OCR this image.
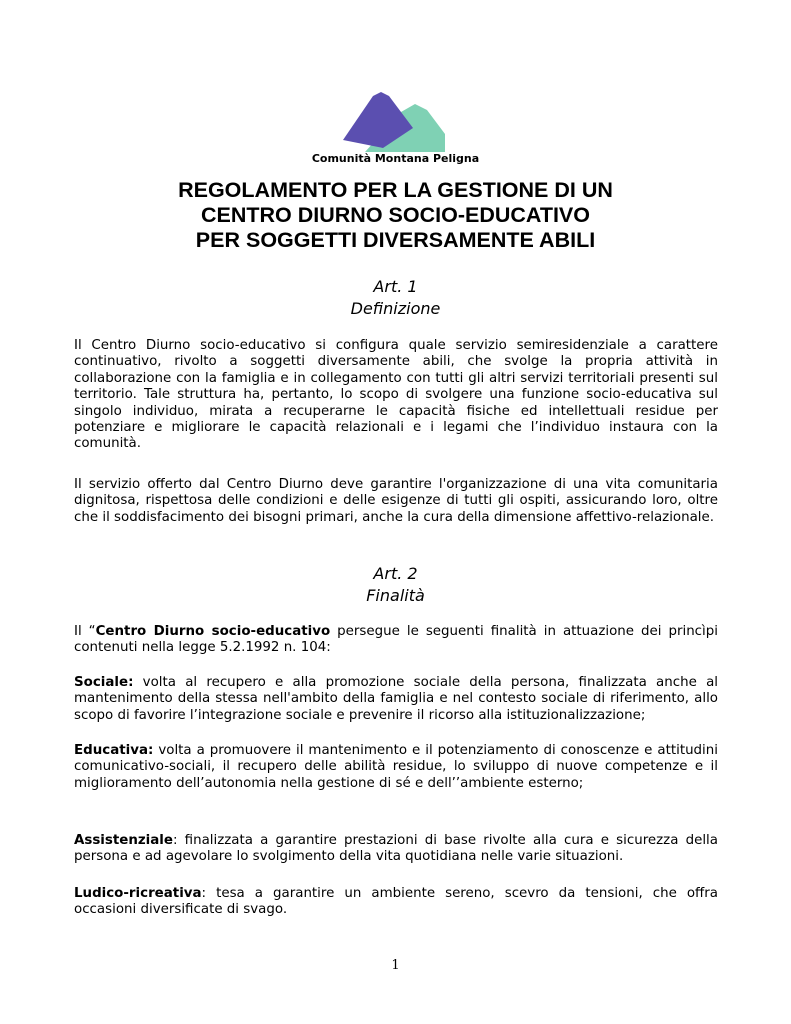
Comunità Montana Peligna
REGOLAMENTO PER LA GESTIONE DI UN
CENTRO DIURNO SOCIO-EDUCATIVO
PER SOGGETTI DIVERSAMENTE ABILI
Art. 1
Definizione

Il Centro Diurno socio-educativo si configura quale servizio semiresidenziale a carattere continuativo, rivolto a soggetti diversamente abili, che svolge la propria attività in collaborazione con la famiglia e in collegamento con tutti gli altri servizi territoriali presenti sul territorio. Tale struttura ha, pertanto, lo scopo di svolgere una funzione socio-educativa sul singolo individuo, mirata a recuperarne le capacità fisiche ed intellettuali residue per potenziare e migliorare le capacità relazionali e i legami che l’individuo instaura con la comunità.

Il servizio offerto dal Centro Diurno deve garantire l'organizzazione di una vita comunitaria dignitosa, rispettosa delle condizioni e delle esigenze di tutti gli ospiti, assicurando loro, oltre che il soddisfacimento dei bisogni primari, anche la cura della dimensione affettivo-relazionale.

Art. 2
Finalità

Il “Centro Diurno socio-educativo persegue le seguenti finalità in attuazione dei princìpi contenuti nella legge 5.2.1992 n. 104:

Sociale: volta al recupero e alla promozione sociale della persona, finalizzata anche al mantenimento della stessa nell'ambito della famiglia e nel contesto sociale di riferimento, allo scopo di favorire l’integrazione sociale e prevenire il ricorso alla istituzionalizzazione;

Educativa: volta a promuovere il mantenimento e il potenziamento di conoscenze e attitudini comunicativo-sociali, il recupero delle abilità residue, lo sviluppo di nuove competenze e il miglioramento dell’autonomia nella gestione di sé e dell’’ambiente esterno;

Assistenziale: finalizzata a garantire prestazioni di base rivolte alla cura e sicurezza della persona e ad agevolare lo svolgimento della vita quotidiana nelle varie situazioni.

Ludico-ricreativa: tesa a garantire un ambiente sereno, scevro da tensioni, che offra occasioni diversificate di svago.

1
